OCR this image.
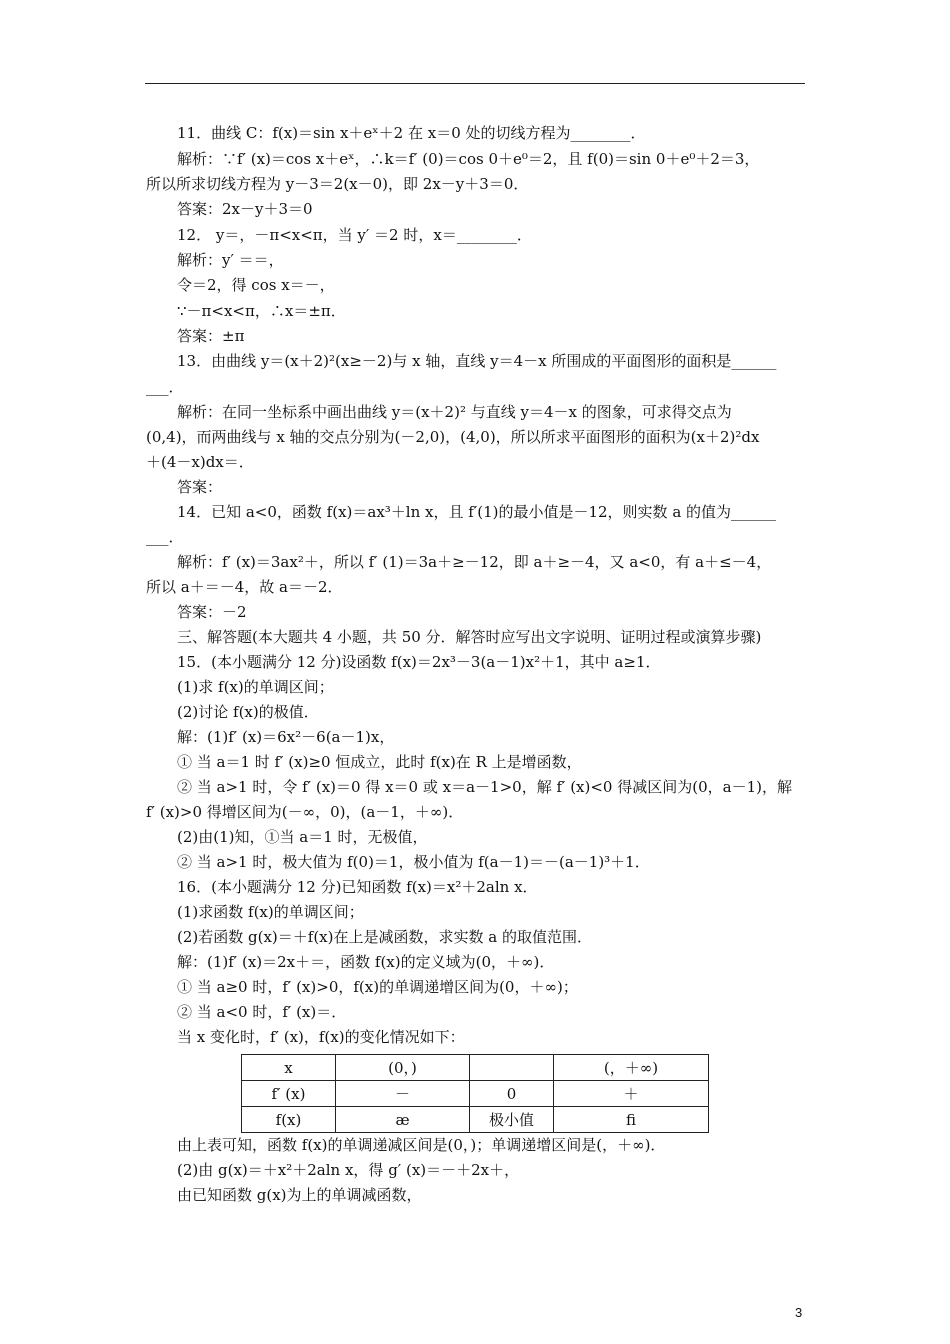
11．曲线 C：f(x)＝sin x＋eˣ＋2 在 x＝0 处的切线方程为________．
解析：∵f′ (x)＝cos x＋eˣ，∴k＝f′ (0)＝cos 0＋e⁰＝2，且 f(0)＝sin 0＋e⁰＋2＝3，
所以所求切线方程为 y－3＝2(x－0)，即 2x－y＋3＝0．
答案：2x－y＋3＝0
12． y＝，－π<x<π，当 y′ ＝2 时，x＝________．
解析：y′ ＝＝，
令＝2，得 cos x＝－，
∵－π<x<π，∴x＝±π．
答案：±π
13．由曲线 y＝(x＋2)²(x≥－2)与 x 轴，直线 y＝4－x 所围成的平面图形的面积是______
___．
解析：在同一坐标系中画出曲线 y＝(x＋2)² 与直线 y＝4－x 的图象，可求得交点为
(0,4)，而两曲线与 x 轴的交点分别为(－2,0)，(4,0)，所以所求平面图形的面积为(x＋2)²dx
＋(4－x)dx＝．
答案：
14．已知 a<0，函数 f(x)＝ax³＋ln x，且 f′(1)的最小值是－12，则实数 a 的值为______
___．
解析：f′ (x)＝3ax²＋，所以 f′ (1)＝3a＋≥－12，即 a＋≥－4，又 a<0，有 a＋≤－4，
所以 a＋＝－4，故 a＝－2．
答案：－2
三、解答题(本大题共 4 小题，共 50 分．解答时应写出文字说明、证明过程或演算步骤)
15．(本小题满分 12 分)设函数 f(x)＝2x³－3(a－1)x²＋1，其中 a≥1．
(1)求 f(x)的单调区间；
(2)讨论 f(x)的极值．
解：(1)f′ (x)＝6x²－6(a－1)x，
① 当 a＝1 时 f′ (x)≥0 恒成立，此时 f(x)在 R 上是增函数，
② 当 a>1 时，令 f′ (x)＝0 得 x＝0 或 x＝a－1>0，解 f′ (x)<0 得减区间为(0，a－1)，解
f′ (x)>0 得增区间为(－∞，0)，(a－1，＋∞)．
(2)由(1)知，①当 a＝1 时，无极值，
② 当 a>1 时，极大值为 f(0)＝1，极小值为 f(a－1)＝－(a－1)³＋1．
16．(本小题满分 12 分)已知函数 f(x)＝x²＋2aln x．
(1)求函数 f(x)的单调区间；
(2)若函数 g(x)＝＋f(x)在上是减函数，求实数 a 的取值范围．
解：(1)f′ (x)＝2x＋＝，函数 f(x)的定义域为(0，＋∞)．
① 当 a≥0 时，f′ (x)>0，f(x)的单调递增区间为(0，＋∞)；
② 当 a<0 时，f′ (x)＝．
当 x 变化时，f′ (x)，f(x)的变化情况如下：
x	(0，)		(，＋∞)
f′ (x)	－	0	＋
f(x)	æ	极小值	ﬁ
由上表可知，函数 f(x)的单调递减区间是(0，)；单调递增区间是(，＋∞)．
(2)由 g(x)＝＋x²＋2aln x，得 g′ (x)＝－＋2x＋，
由已知函数 g(x)为上的单调减函数，
3
